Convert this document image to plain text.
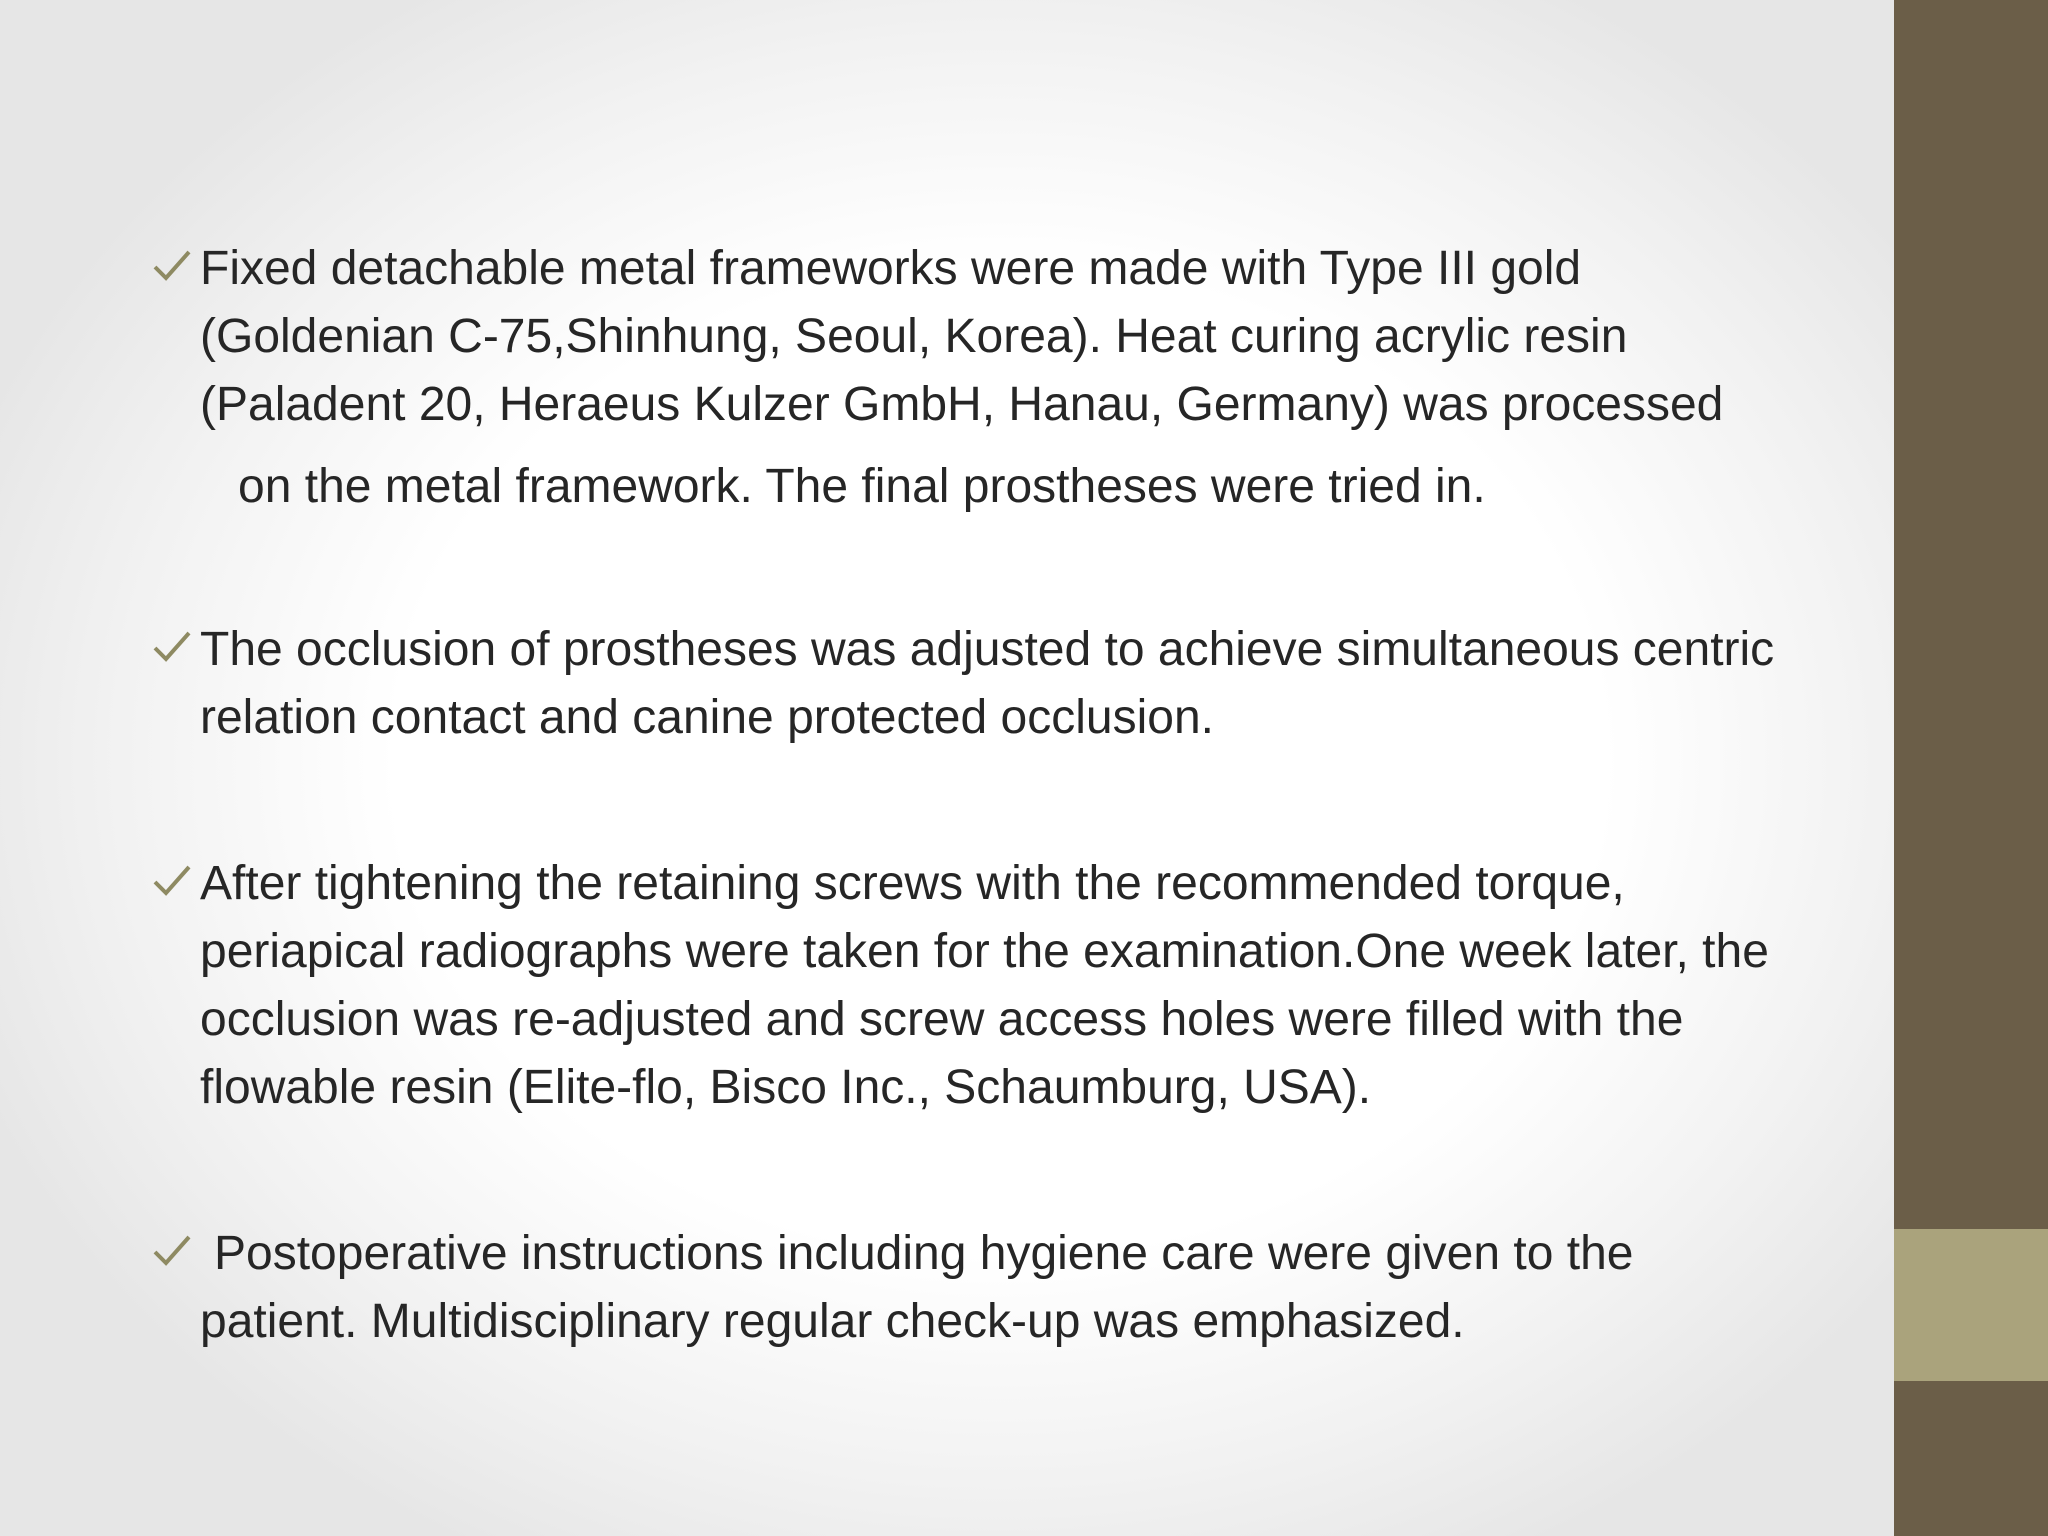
Fixed detachable metal frameworks were made with Type III gold
(Goldenian C-75,Shinhung, Seoul, Korea). Heat curing acrylic resin
(Paladent 20, Heraeus Kulzer GmbH, Hanau, Germany) was processed
on the metal framework. The final prostheses were tried in.
The occlusion of prostheses was adjusted to achieve simultaneous centric
relation contact and canine protected occlusion.
After tightening the retaining screws with the recommended torque,
periapical radiographs were taken for the examination.One week later, the
occlusion was re-adjusted and screw access holes were filled with the
flowable resin (Elite-flo, Bisco Inc., Schaumburg, USA).
Postoperative instructions including hygiene care were given to the
patient. Multidisciplinary regular check-up was emphasized.
